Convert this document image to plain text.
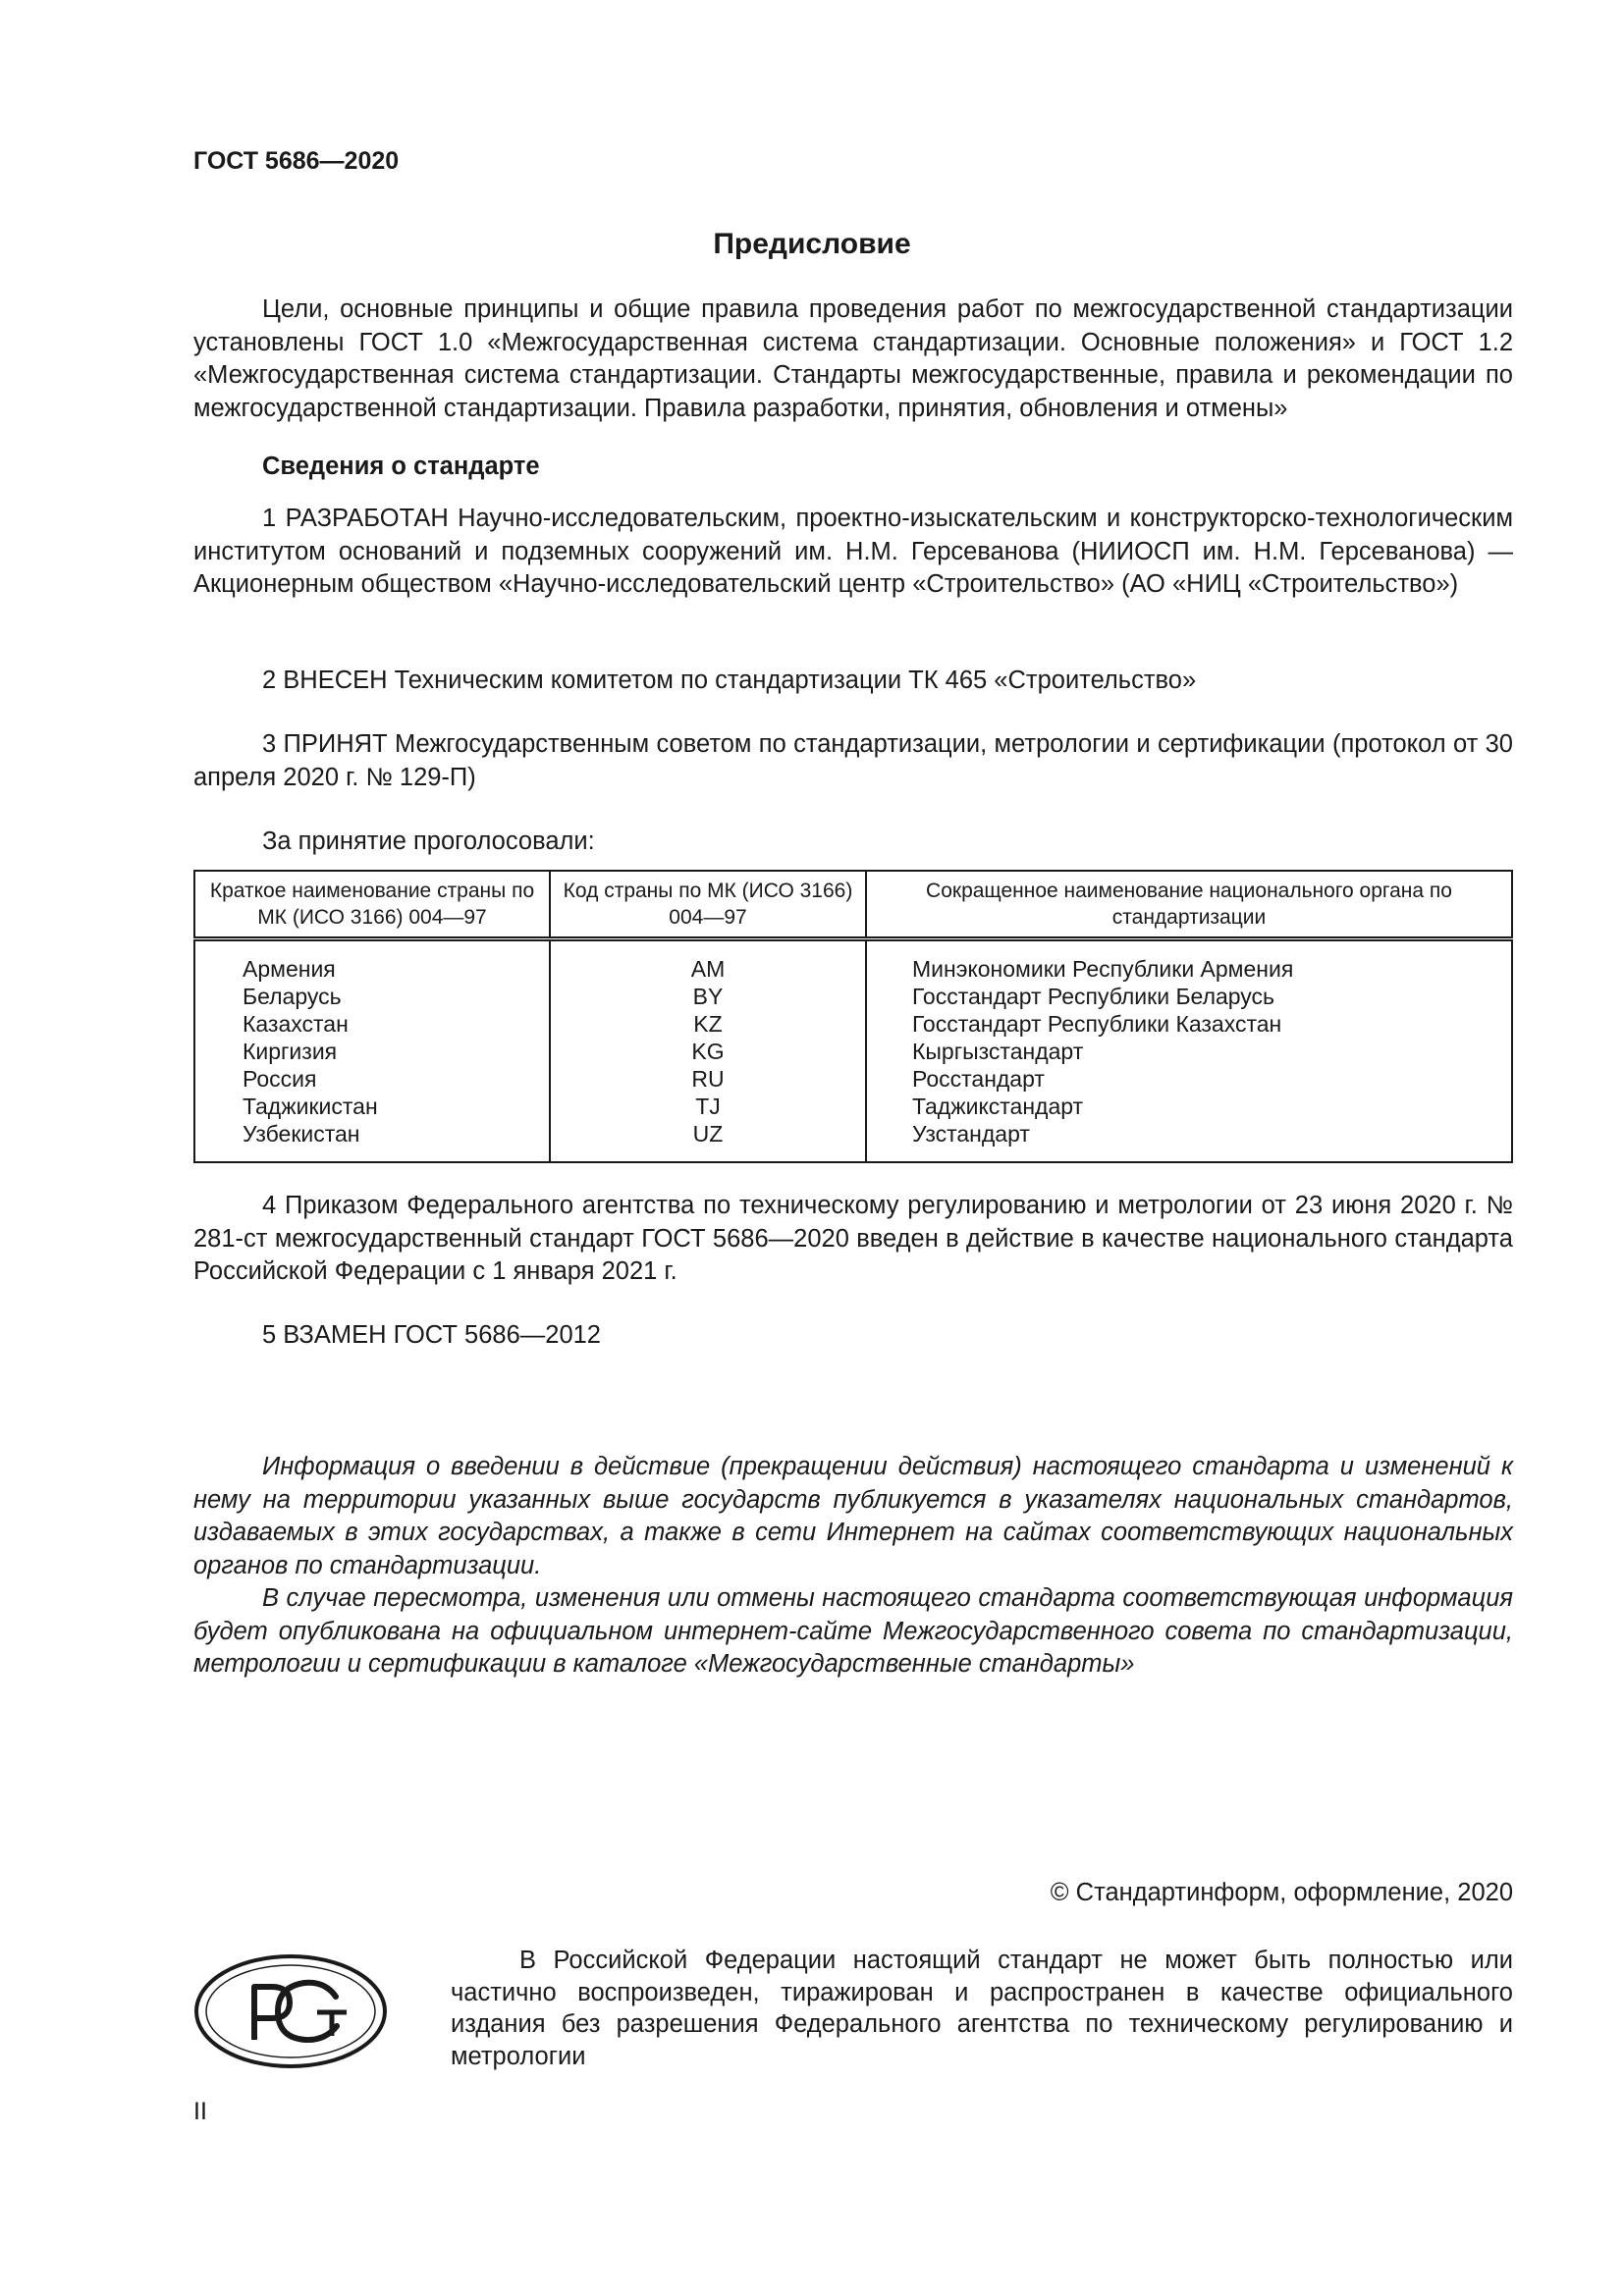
ГОСТ 5686—2020
Предисловие
Цели, основные принципы и общие правила проведения работ по межгосударственной стандартизации установлены ГОСТ 1.0 «Межгосударственная система стандартизации. Основные положения» и ГОСТ 1.2 «Межгосударственная система стандартизации. Стандарты межгосударственные, правила и рекомендации по межгосударственной стандартизации. Правила разработки, принятия, обновления и отмены»
Сведения о стандарте
1 РАЗРАБОТАН Научно-исследовательским, проектно-изыскательским и конструкторско-технологическим институтом оснований и подземных сооружений им. Н.М. Герсеванова (НИИОСП им. Н.М. Герсеванова) — Акционерным обществом «Научно-исследовательский центр «Строительство» (АО «НИЦ «Строительство»)
2 ВНЕСЕН Техническим комитетом по стандартизации ТК 465 «Строительство»
3 ПРИНЯТ Межгосударственным советом по стандартизации, метрологии и сертификации (протокол от 30 апреля 2020 г. № 129-П)
За принятие проголосовали:
Краткое наименование страны по МК (ИСО 3166) 004—97	Код страны по МК (ИСО 3166) 004—97	Сокращенное наименование национального органа по стандартизации
Армения	AM	Минэкономики Республики Армения
Беларусь	BY	Госстандарт Республики Беларусь
Казахстан	KZ	Госстандарт Республики Казахстан
Киргизия	KG	Кыргызстандарт
Россия	RU	Росстандарт
Таджикистан	TJ	Таджикстандарт
Узбекистан	UZ	Узстандарт
4 Приказом Федерального агентства по техническому регулированию и метрологии от 23 июня 2020 г. № 281-ст межгосударственный стандарт ГОСТ 5686—2020 введен в действие в качестве национального стандарта Российской Федерации с 1 января 2021 г.
5 ВЗАМЕН ГОСТ 5686—2012

Информация о введении в действие (прекращении действия) настоящего стандарта и изменений к нему на территории указанных выше государств публикуется в указателях национальных стандартов, издаваемых в этих государствах, а также в сети Интернет на сайтах соответствующих национальных органов по стандартизации.

В случае пересмотра, изменения или отмены настоящего стандарта соответствующая информация будет опубликована на официальном интернет-сайте Межгосударственного совета по стандартизации, метрологии и сертификации в каталоге «Межгосударственные стандарты»

© Стандартинформ, оформление, 2020

В Российской Федерации настоящий стандарт не может быть полностью или частично воспроизведен, тиражирован и распространен в качестве официального издания без разрешения Федерального агентства по техническому регулированию и метрологии

II
